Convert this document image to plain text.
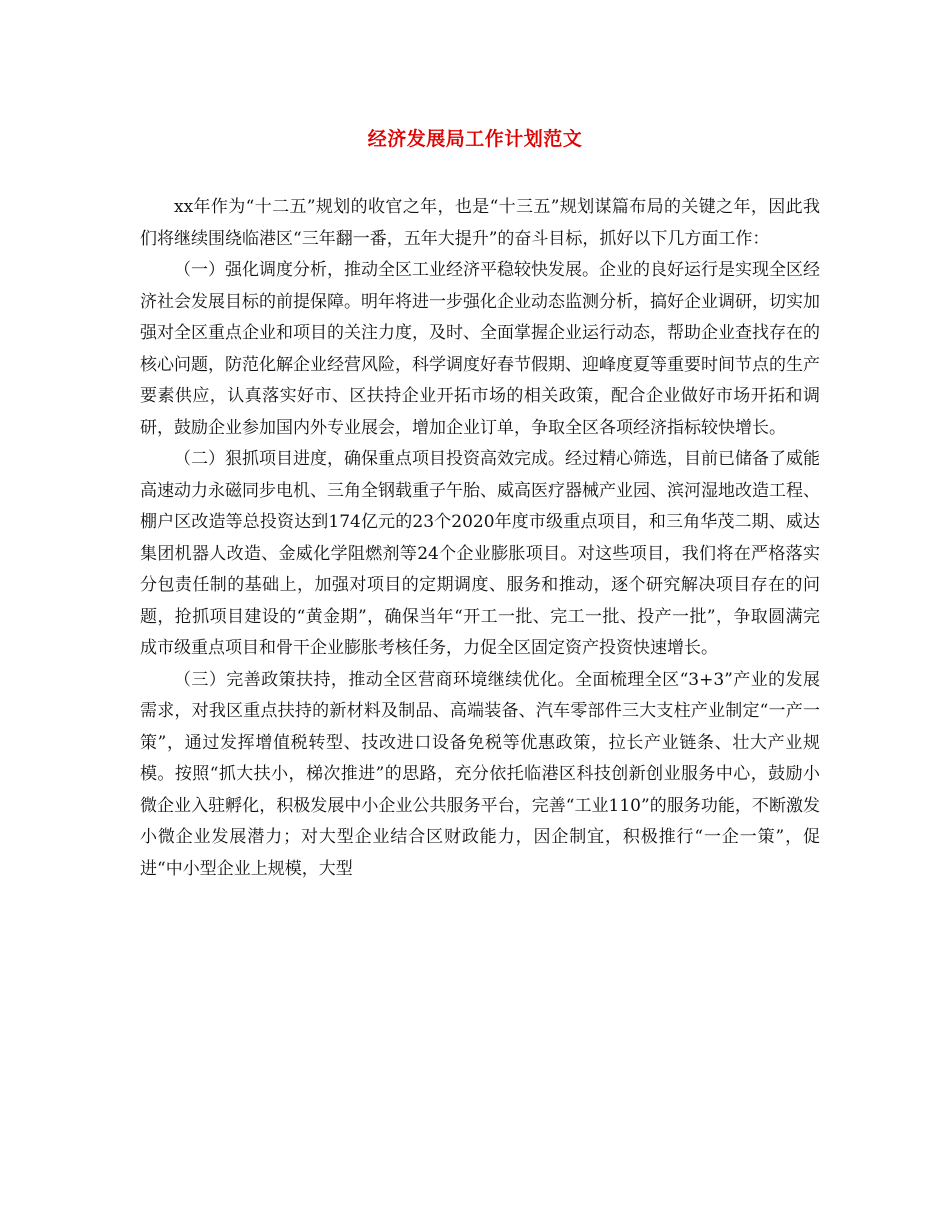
经济发展局工作计划范文

xx年作为“十二五”规划的收官之年，也是“十三五”规划谋篇布局的关键之年，因此我们将继续围绕临港区“三年翻一番，五年大提升”的奋斗目标，抓好以下几方面工作：

（一）强化调度分析，推动全区工业经济平稳较快发展。企业的良好运行是实现全区经济社会发展目标的前提保障。明年将进一步强化企业动态监测分析，搞好企业调研，切实加强对全区重点企业和项目的关注力度，及时、全面掌握企业运行动态，帮助企业查找存在的核心问题，防范化解企业经营风险，科学调度好春节假期、迎峰度夏等重要时间节点的生产要素供应，认真落实好市、区扶持企业开拓市场的相关政策，配合企业做好市场开拓和调研，鼓励企业参加国内外专业展会，增加企业订单，争取全区各项经济指标较快增长。

（二）狠抓项目进度，确保重点项目投资高效完成。经过精心筛选，目前已储备了威能高速动力永磁同步电机、三角全钢载重子午胎、威高医疗器械产业园、滨河湿地改造工程、棚户区改造等总投资达到174亿元的23个2020年度市级重点项目，和三角华茂二期、威达集团机器人改造、金威化学阻燃剂等24个企业膨胀项目。对这些项目，我们将在严格落实分包责任制的基础上，加强对项目的定期调度、服务和推动，逐个研究解决项目存在的问题，抢抓项目建设的“黄金期”，确保当年“开工一批、完工一批、投产一批”，争取圆满完成市级重点项目和骨干企业膨胀考核任务，力促全区固定资产投资快速增长。

（三）完善政策扶持，推动全区营商环境继续优化。全面梳理全区“3+3”产业的发展需求，对我区重点扶持的新材料及制品、高端装备、汽车零部件三大支柱产业制定“一产一策”，通过发挥增值税转型、技改进口设备免税等优惠政策，拉长产业链条、壮大产业规模。按照“抓大扶小，梯次推进”的思路，充分依托临港区科技创新创业服务中心，鼓励小微企业入驻孵化，积极发展中小企业公共服务平台，完善“工业110”的服务功能，不断激发小微企业发展潜力；对大型企业结合区财政能力，因企制宜，积极推行“一企一策”，促进“中小型企业上规模，大型
